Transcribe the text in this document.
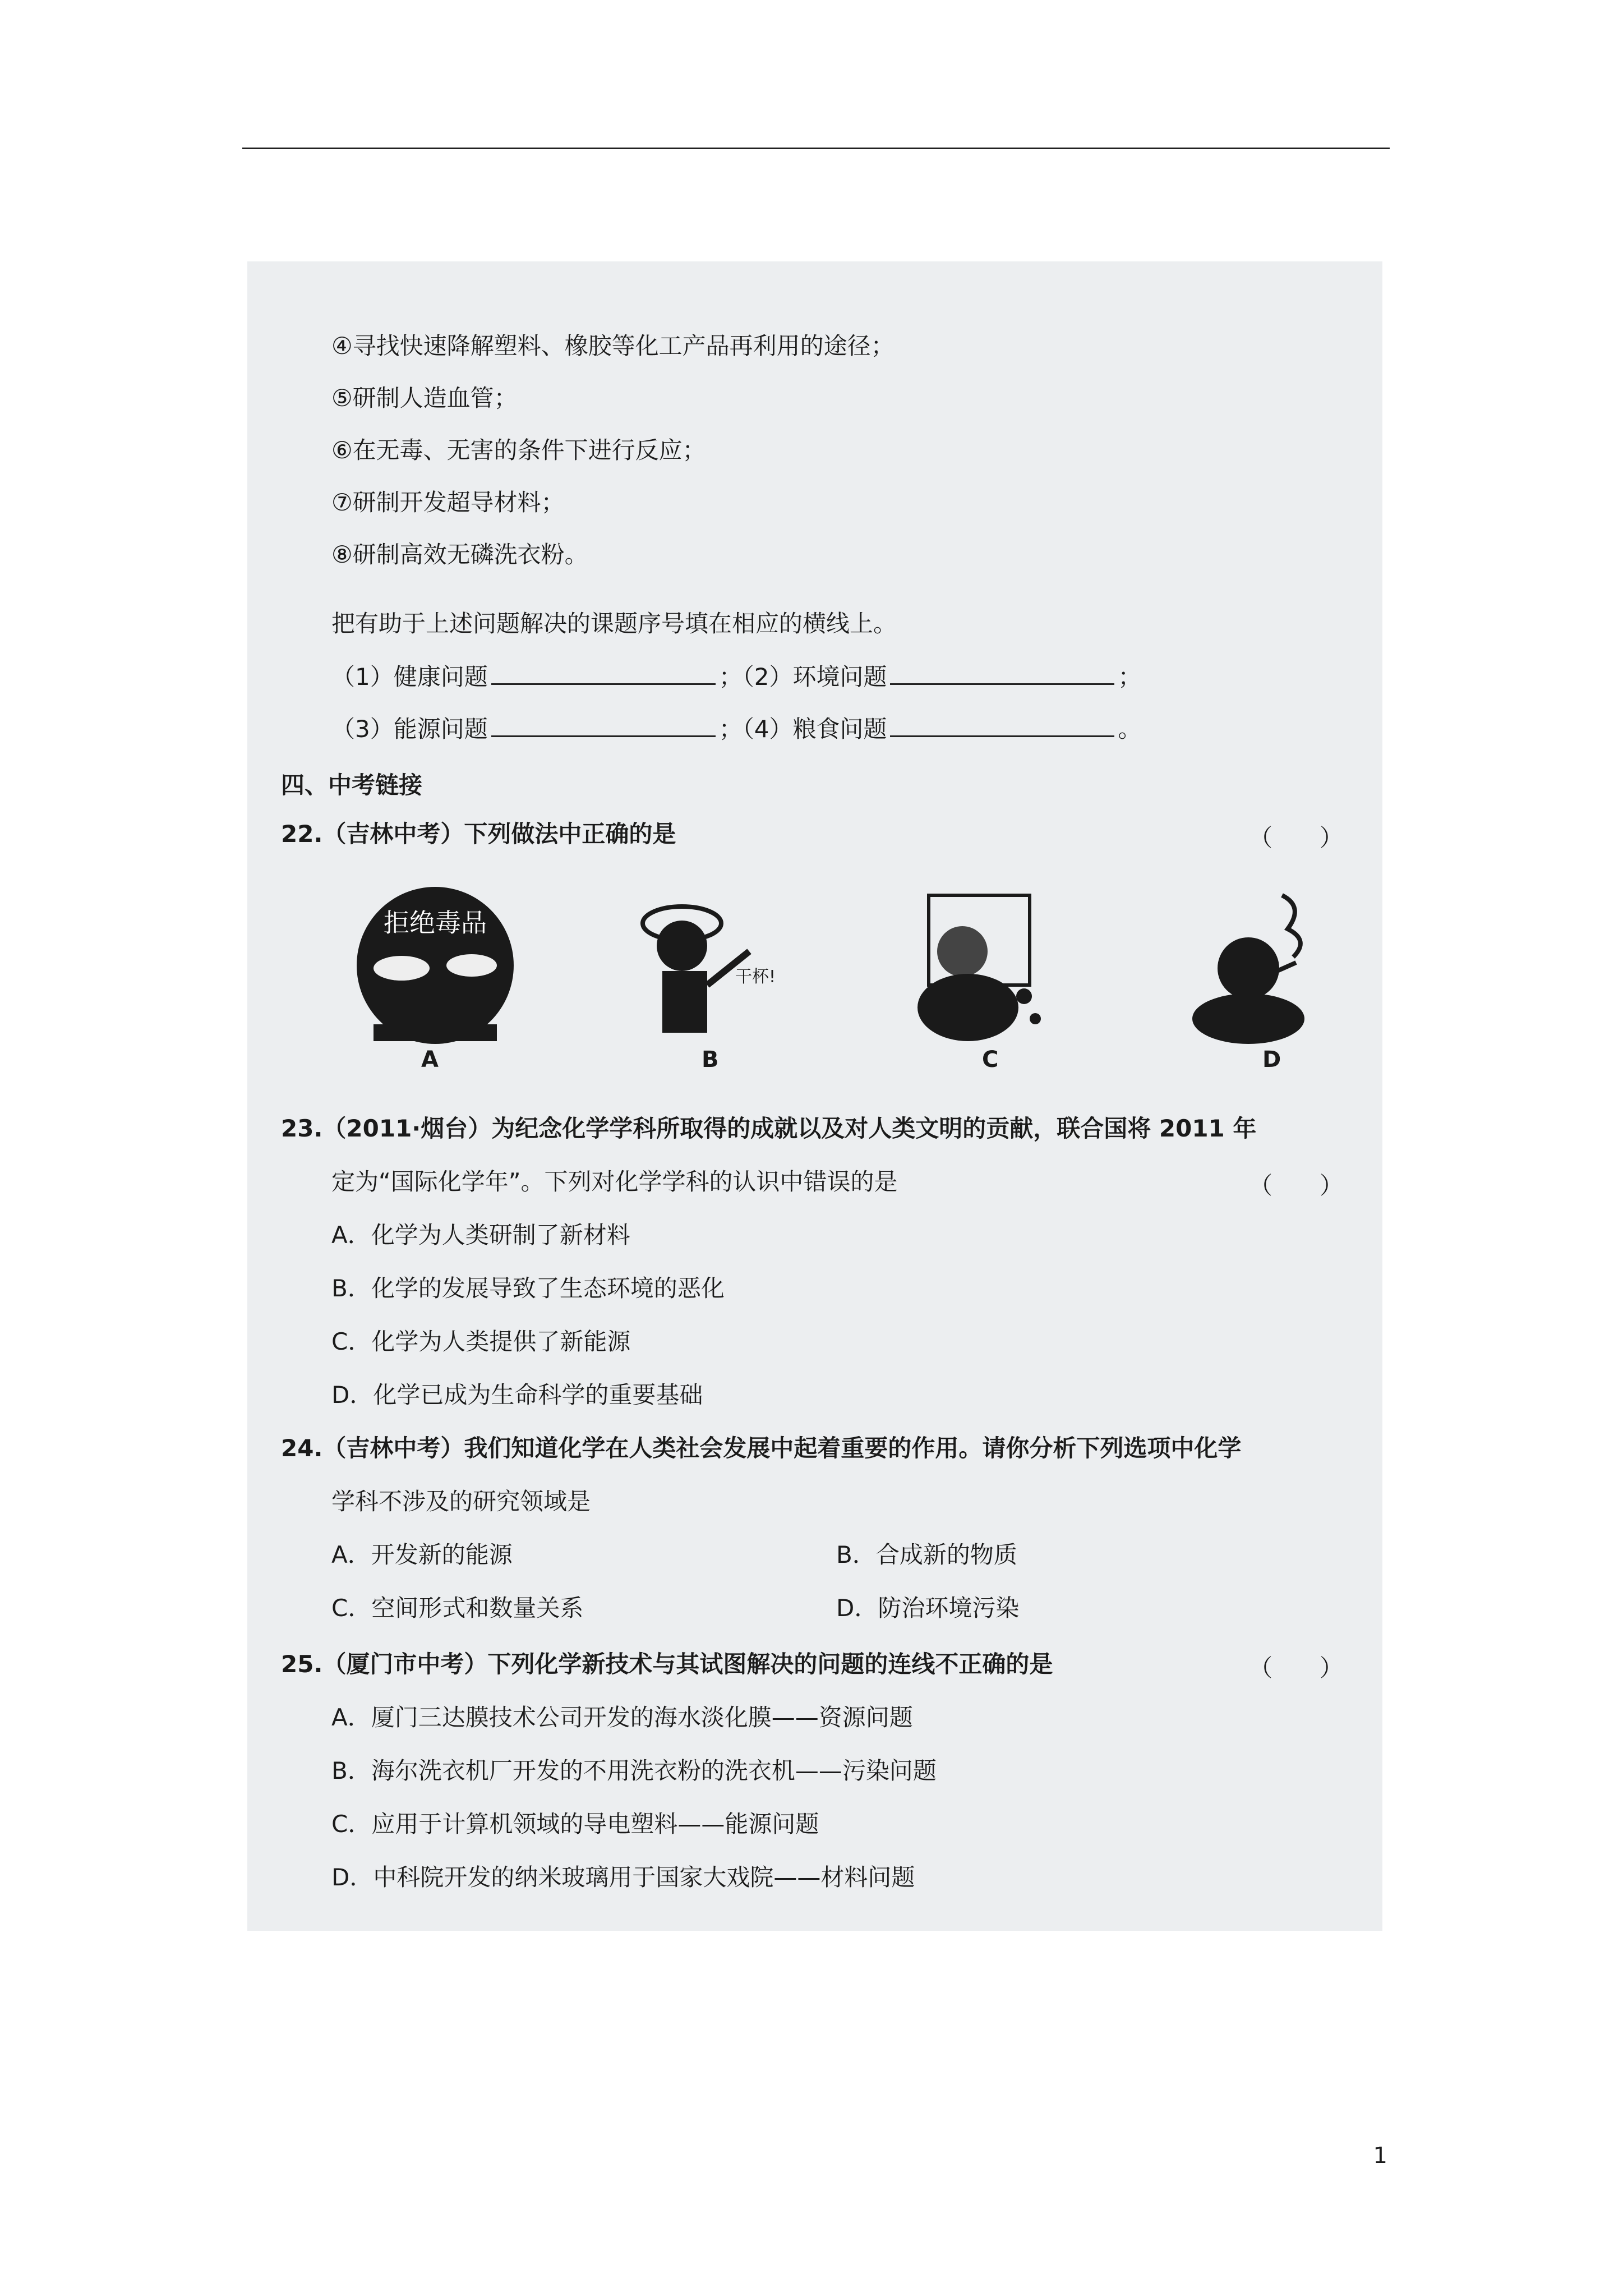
④寻找快速降解塑料、橡胶等化工产品再利用的途径；
⑤研制人造血管；
⑥在无毒、无害的条件下进行反应；
⑦研制开发超导材料；
⑧研制高效无磷洗衣粉。
把有助于上述问题解决的课题序号填在相应的横线上。
（1）健康问题	；（2）环境问题	；
（3）能源问题	；（4）粮食问题	。
四、中考链接
22.（吉林中考）下列做法中正确的是	（　　）
拒绝毒品
干杯!
A	B	C	D
23.（2011·烟台）为纪念化学学科所取得的成就以及对人类文明的贡献，联合国将 2011 年
定为“国际化学年”。下列对化学学科的认识中错误的是	（　　）
A．化学为人类研制了新材料
B．化学的发展导致了生态环境的恶化
C．化学为人类提供了新能源
D．化学已成为生命科学的重要基础
24.（吉林中考）我们知道化学在人类社会发展中起着重要的作用。请你分析下列选项中化学
学科不涉及的研究领域是
A．开发新的能源	B．合成新的物质
C．空间形式和数量关系	D．防治环境污染
25.（厦门市中考）下列化学新技术与其试图解决的问题的连线不正确的是	（　　）
A．厦门三达膜技术公司开发的海水淡化膜——资源问题
B．海尔洗衣机厂开发的不用洗衣粉的洗衣机——污染问题
C．应用于计算机领域的导电塑料——能源问题
D．中科院开发的纳米玻璃用于国家大戏院——材料问题
1
